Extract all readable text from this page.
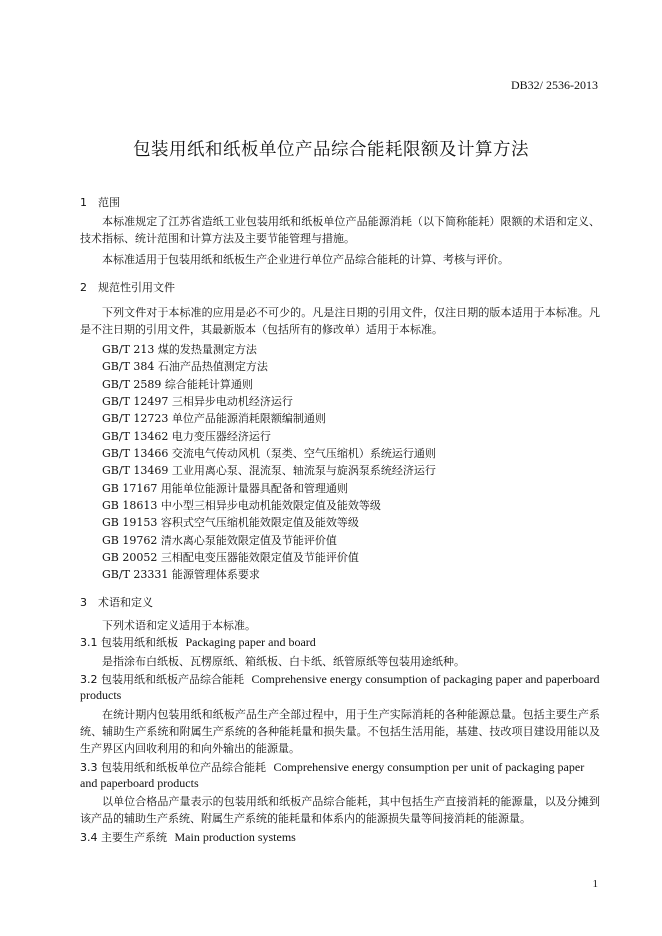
DB32/ 2536-2013
包装用纸和纸板单位产品综合能耗限额及计算方法
1 范围
本标准规定了江苏省造纸工业包装用纸和纸板单位产品能源消耗（以下简称能耗）限额的术语和定义、技术指标、统计范围和计算方法及主要节能管理与措施。
本标准适用于包装用纸和纸板生产企业进行单位产品综合能耗的计算、考核与评价。
2 规范性引用文件
下列文件对于本标准的应用是必不可少的。凡是注日期的引用文件，仅注日期的版本适用于本标准。凡是不注日期的引用文件，其最新版本（包括所有的修改单）适用于本标准。
GB/T 213 煤的发热量测定方法
GB/T 384 石油产品热值测定方法
GB/T 2589 综合能耗计算通则
GB/T 12497 三相异步电动机经济运行
GB/T 12723 单位产品能源消耗限额编制通则
GB/T 13462 电力变压器经济运行
GB/T 13466 交流电气传动风机（泵类、空气压缩机）系统运行通则
GB/T 13469 工业用离心泵、混流泵、轴流泵与旋涡泵系统经济运行
GB 17167 用能单位能源计量器具配备和管理通则
GB 18613 中小型三相异步电动机能效限定值及能效等级
GB 19153 容积式空气压缩机能效限定值及能效等级
GB 19762 清水离心泵能效限定值及节能评价值
GB 20052 三相配电变压器能效限定值及节能评价值
GB/T 23331 能源管理体系要求
3 术语和定义
下列术语和定义适用于本标准。
3.1 包装用纸和纸板 Packaging paper and board
是指涂布白纸板、瓦楞原纸、箱纸板、白卡纸、纸管原纸等包装用途纸种。
3.2 包装用纸和纸板产品综合能耗 Comprehensive energy consumption of packaging paper and paperboard
products
在统计期内包装用纸和纸板产品生产全部过程中，用于生产实际消耗的各种能源总量。包括主要生产系统、辅助生产系统和附属生产系统的各种能耗量和损失量。不包括生活用能，基建、技改项目建设用能以及生产界区内回收利用的和向外输出的能源量。
3.3 包装用纸和纸板单位产品综合能耗 Comprehensive energy consumption per unit of packaging paper
and paperboard products
以单位合格品产量表示的包装用纸和纸板产品综合能耗，其中包括生产直接消耗的能源量，以及分摊到该产品的辅助生产系统、附属生产系统的能耗量和体系内的能源损失量等间接消耗的能源量。
3.4 主要生产系统 Main production systems
1
